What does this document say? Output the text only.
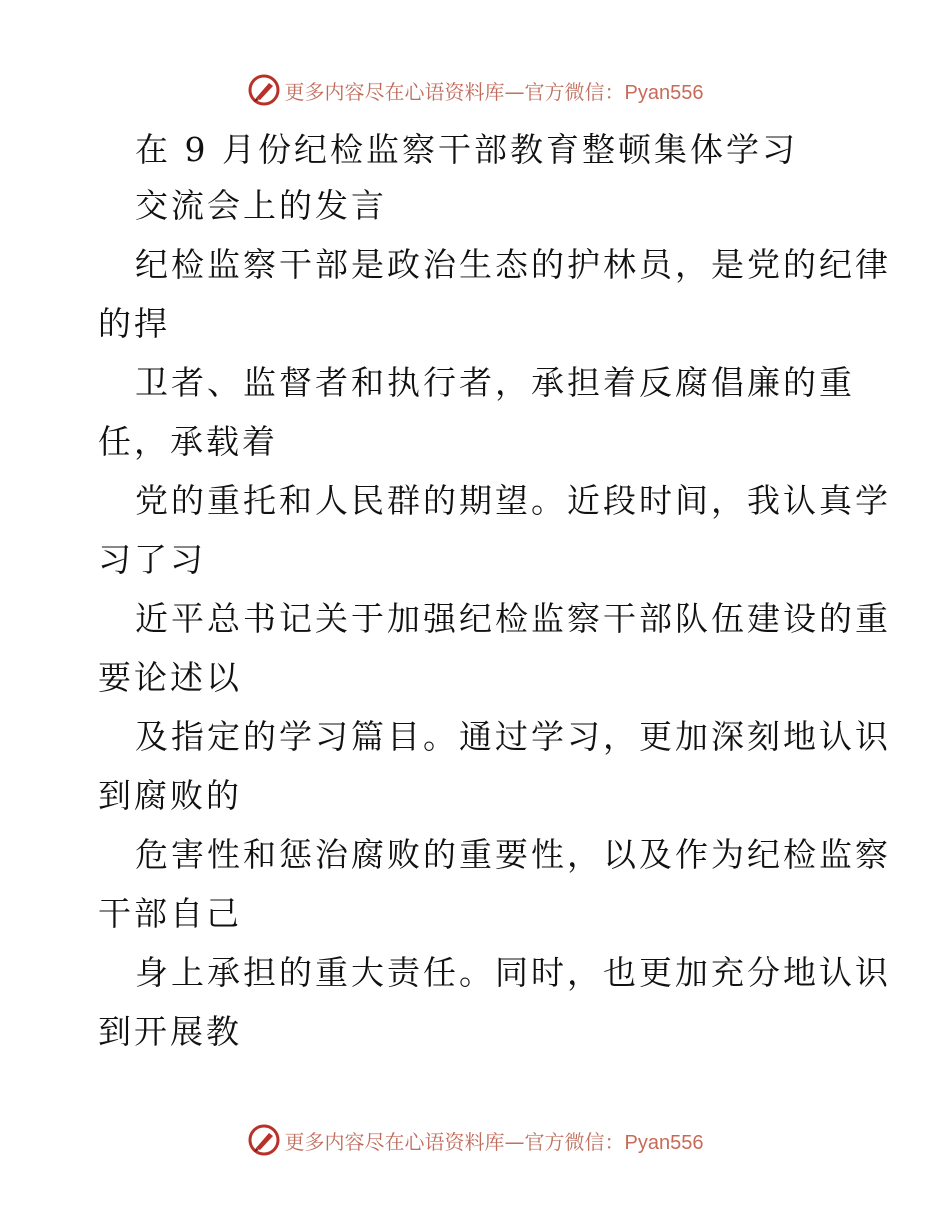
更多内容尽在心语资料库—官方微信：Pyan556
在 9 月份纪检监察干部教育整顿集体学习
交流会上的发言
纪检监察干部是政治生态的护林员，是党的纪律
的捍
卫者、监督者和执行者，承担着反腐倡廉的重
任，承载着
党的重托和人民群的期望。近段时间，我认真学
习了习
近平总书记关于加强纪检监察干部队伍建设的重
要论述以
及指定的学习篇目。通过学习，更加深刻地认识
到腐败的
危害性和惩治腐败的重要性，以及作为纪检监察
干部自己
身上承担的重大责任。同时，也更加充分地认识
到开展教
更多内容尽在心语资料库—官方微信：Pyan556
